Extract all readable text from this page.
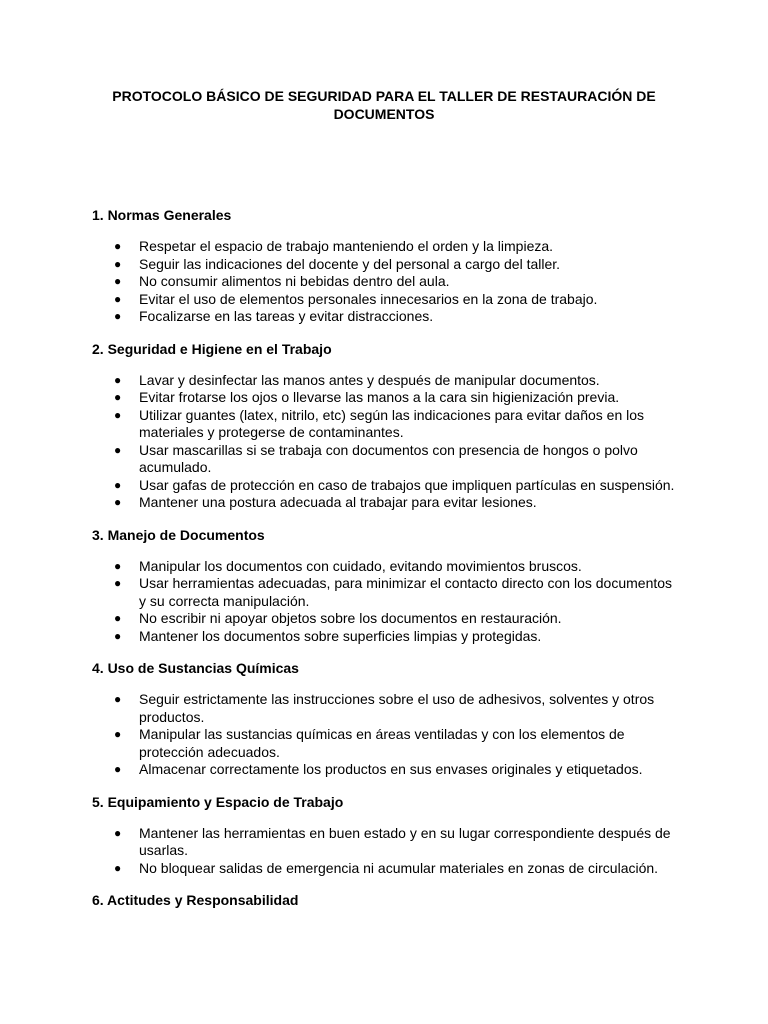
PROTOCOLO BÁSICO DE SEGURIDAD PARA EL TALLER DE RESTAURACIÓN DE DOCUMENTOS
1. Normas Generales
● Respetar el espacio de trabajo manteniendo el orden y la limpieza.
● Seguir las indicaciones del docente y del personal a cargo del taller.
● No consumir alimentos ni bebidas dentro del aula.
● Evitar el uso de elementos personales innecesarios en la zona de trabajo.
● Focalizarse en las tareas y evitar distracciones.
2. Seguridad e Higiene en el Trabajo
● Lavar y desinfectar las manos antes y después de manipular documentos.
● Evitar frotarse los ojos o llevarse las manos a la cara sin higienización previa.
● Utilizar guantes (latex, nitrilo, etc) según las indicaciones para evitar daños en los materiales y protegerse de contaminantes.
● Usar mascarillas si se trabaja con documentos con presencia de hongos o polvo acumulado.
● Usar gafas de protección en caso de trabajos que impliquen partículas en suspensión.
● Mantener una postura adecuada al trabajar para evitar lesiones.
3. Manejo de Documentos
● Manipular los documentos con cuidado, evitando movimientos bruscos.
● Usar herramientas adecuadas, para minimizar el contacto directo con los documentos y su correcta manipulación.
● No escribir ni apoyar objetos sobre los documentos en restauración.
● Mantener los documentos sobre superficies limpias y protegidas.
4. Uso de Sustancias Químicas
● Seguir estrictamente las instrucciones sobre el uso de adhesivos, solventes y otros productos.
● Manipular las sustancias químicas en áreas ventiladas y con los elementos de protección adecuados.
● Almacenar correctamente los productos en sus envases originales y etiquetados.
5. Equipamiento y Espacio de Trabajo
● Mantener las herramientas en buen estado y en su lugar correspondiente después de usarlas.
● No bloquear salidas de emergencia ni acumular materiales en zonas de circulación.
6. Actitudes y Responsabilidad
